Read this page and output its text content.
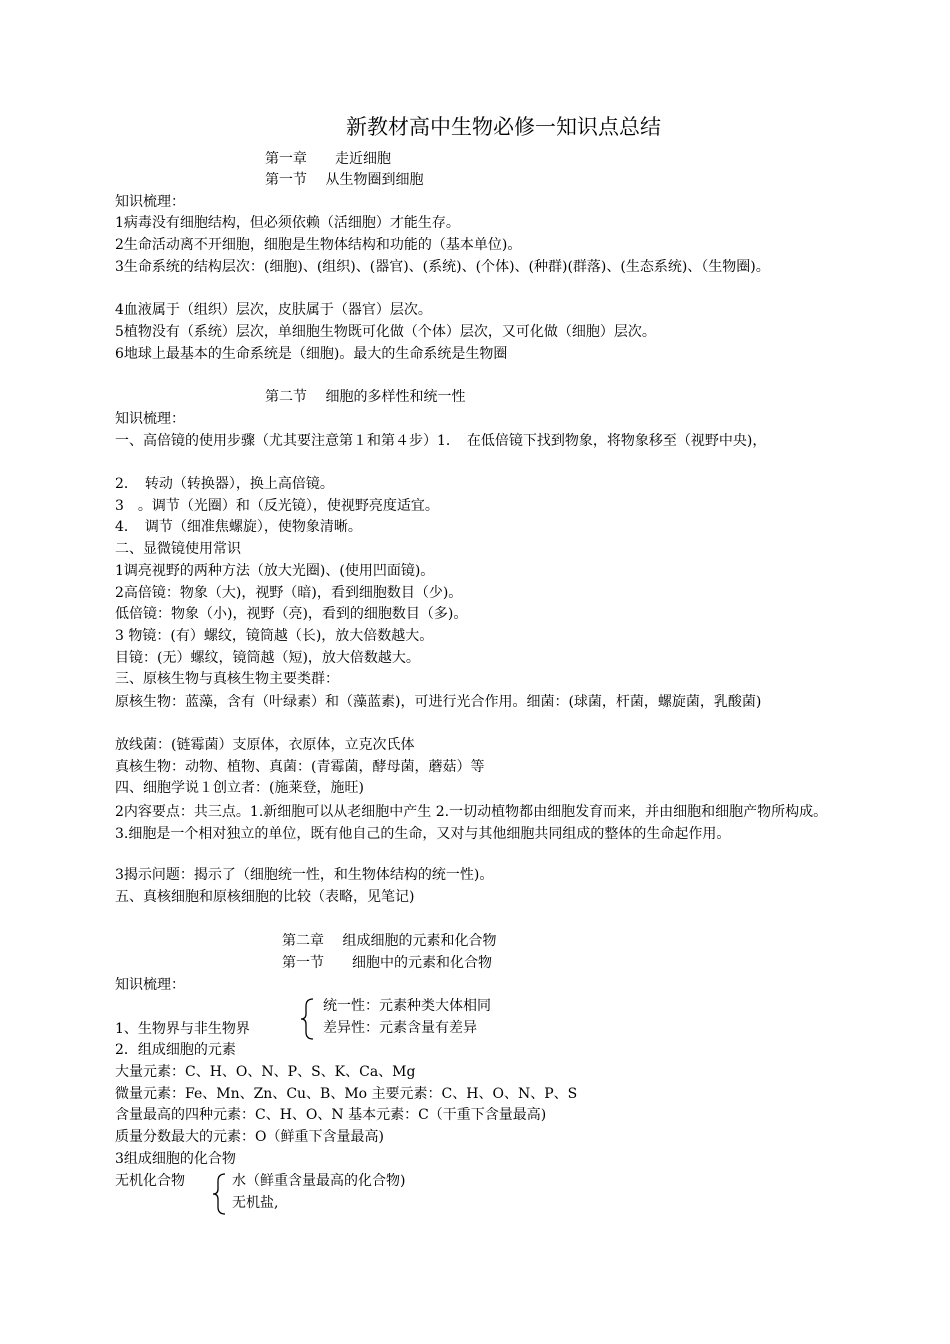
新教材高中生物必修一知识点总结
第一章　　走近细胞
第一节　 从生物圈到细胞
知识梳理：
1病毒没有细胞结构，但必须依赖（活细胞）才能生存。
2生命活动离不开细胞，细胞是生物体结构和功能的（基本单位)。
3生命系统的结构层次：(细胞)、(组织)、(器官)、(系统)、(个体)、(种群)(群落)、(生态系统)、（生物圈)。
4血液属于（组织）层次，皮肤属于（器官）层次。
5植物没有（系统）层次，单细胞生物既可化做（个体）层次，又可化做（细胞）层次。
6地球上最基本的生命系统是（细胞)。最大的生命系统是生物圈
第二节　 细胞的多样性和统一性
知识梳理：
一、高倍镜的使用步骤（尤其要注意第１和第４步）1．　在低倍镜下找到物象，将物象移至（视野中央)，
2．　转动（转换器），换上高倍镜。
3　。调节（光圈）和（反光镜），使视野亮度适宜。
4．　调节（细准焦螺旋），使物象清晰。
二、显微镜使用常识
1调亮视野的两种方法（放大光圈)、(使用凹面镜)。
2高倍镜：物象（大)，视野（暗)，看到细胞数目（少)。
低倍镜：物象（小)，视野（亮)，看到的细胞数目（多)。
3 物镜：(有）螺纹，镜筒越（长)，放大倍数越大。
目镜：(无）螺纹，镜筒越（短)，放大倍数越大。
三、原核生物与真核生物主要类群：
原核生物：蓝藻，含有（叶绿素）和（藻蓝素)，可进行光合作用。细菌：(球菌，杆菌，螺旋菌，乳酸菌)
放线菌：(链霉菌）支原体，衣原体，立克次氏体
真核生物：动物、植物、真菌：(青霉菌，酵母菌，蘑菇）等
四、细胞学说１创立者：(施莱登，施旺)
2内容要点：共三点。1.新细胞可以从老细胞中产生 2.一切动植物都由细胞发育而来，并由细胞和细胞产物所构成。 3.细胞是一个相对独立的单位，既有他自己的生命，又对与其他细胞共同组成的整体的生命起作用。
3揭示问题：揭示了（细胞统一性，和生物体结构的统一性)。
五、真核细胞和原核细胞的比较（表略，见笔记)
第二章　 组成细胞的元素和化合物
第一节　　细胞中的元素和化合物
知识梳理：
统一性：元素种类大体相同
1、生物界与非生物界	差异性：元素含量有差异
2．组成细胞的元素
大量元素：C、H、O、N、P、S、K、Ca、Mg
微量元素：Fe、Mn、Zn、Cu、B、Mo 主要元素：C、H、O、N、P、S
含量最高的四种元素：C、H、O、N 基本元素：C（干重下含量最高)
质量分数最大的元素：O（鲜重下含量最高)
3组成细胞的化合物
无机化合物	水（鲜重含量最高的化合物)
无机盐,
